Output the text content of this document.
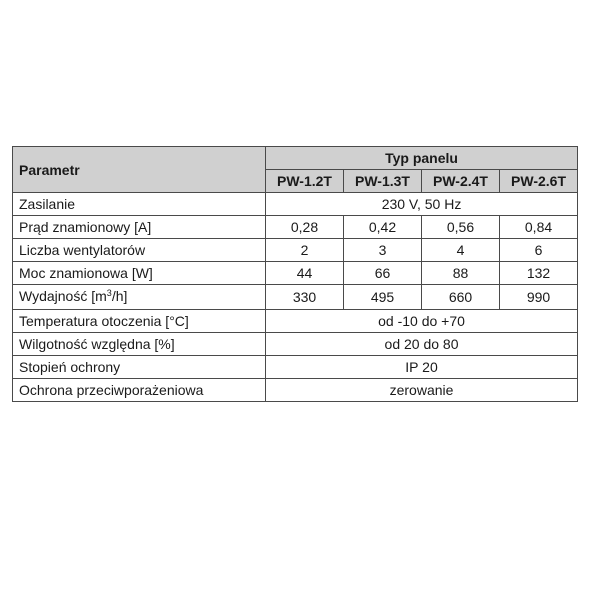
Parametr	Typ panelu			
	PW-1.2T	PW-1.3T	PW-2.4T	PW-2.6T
Zasilanie	230 V, 50 Hz			
Prąd znamionowy [A]	0,28	0,42	0,56	0,84
Liczba wentylatorów	2	3	4	6
Moc znamionowa [W]	44	66	88	132
Wydajność $[m^3/h]$	330	495	660	990
Temperatura otoczenia [°C]	od -10 do +70			
Wilgotność względna [%]	od 20 do 80			
Stopień ochrony	IP 20			
Ochrona przeciwporażeniowa	zerowanie			
